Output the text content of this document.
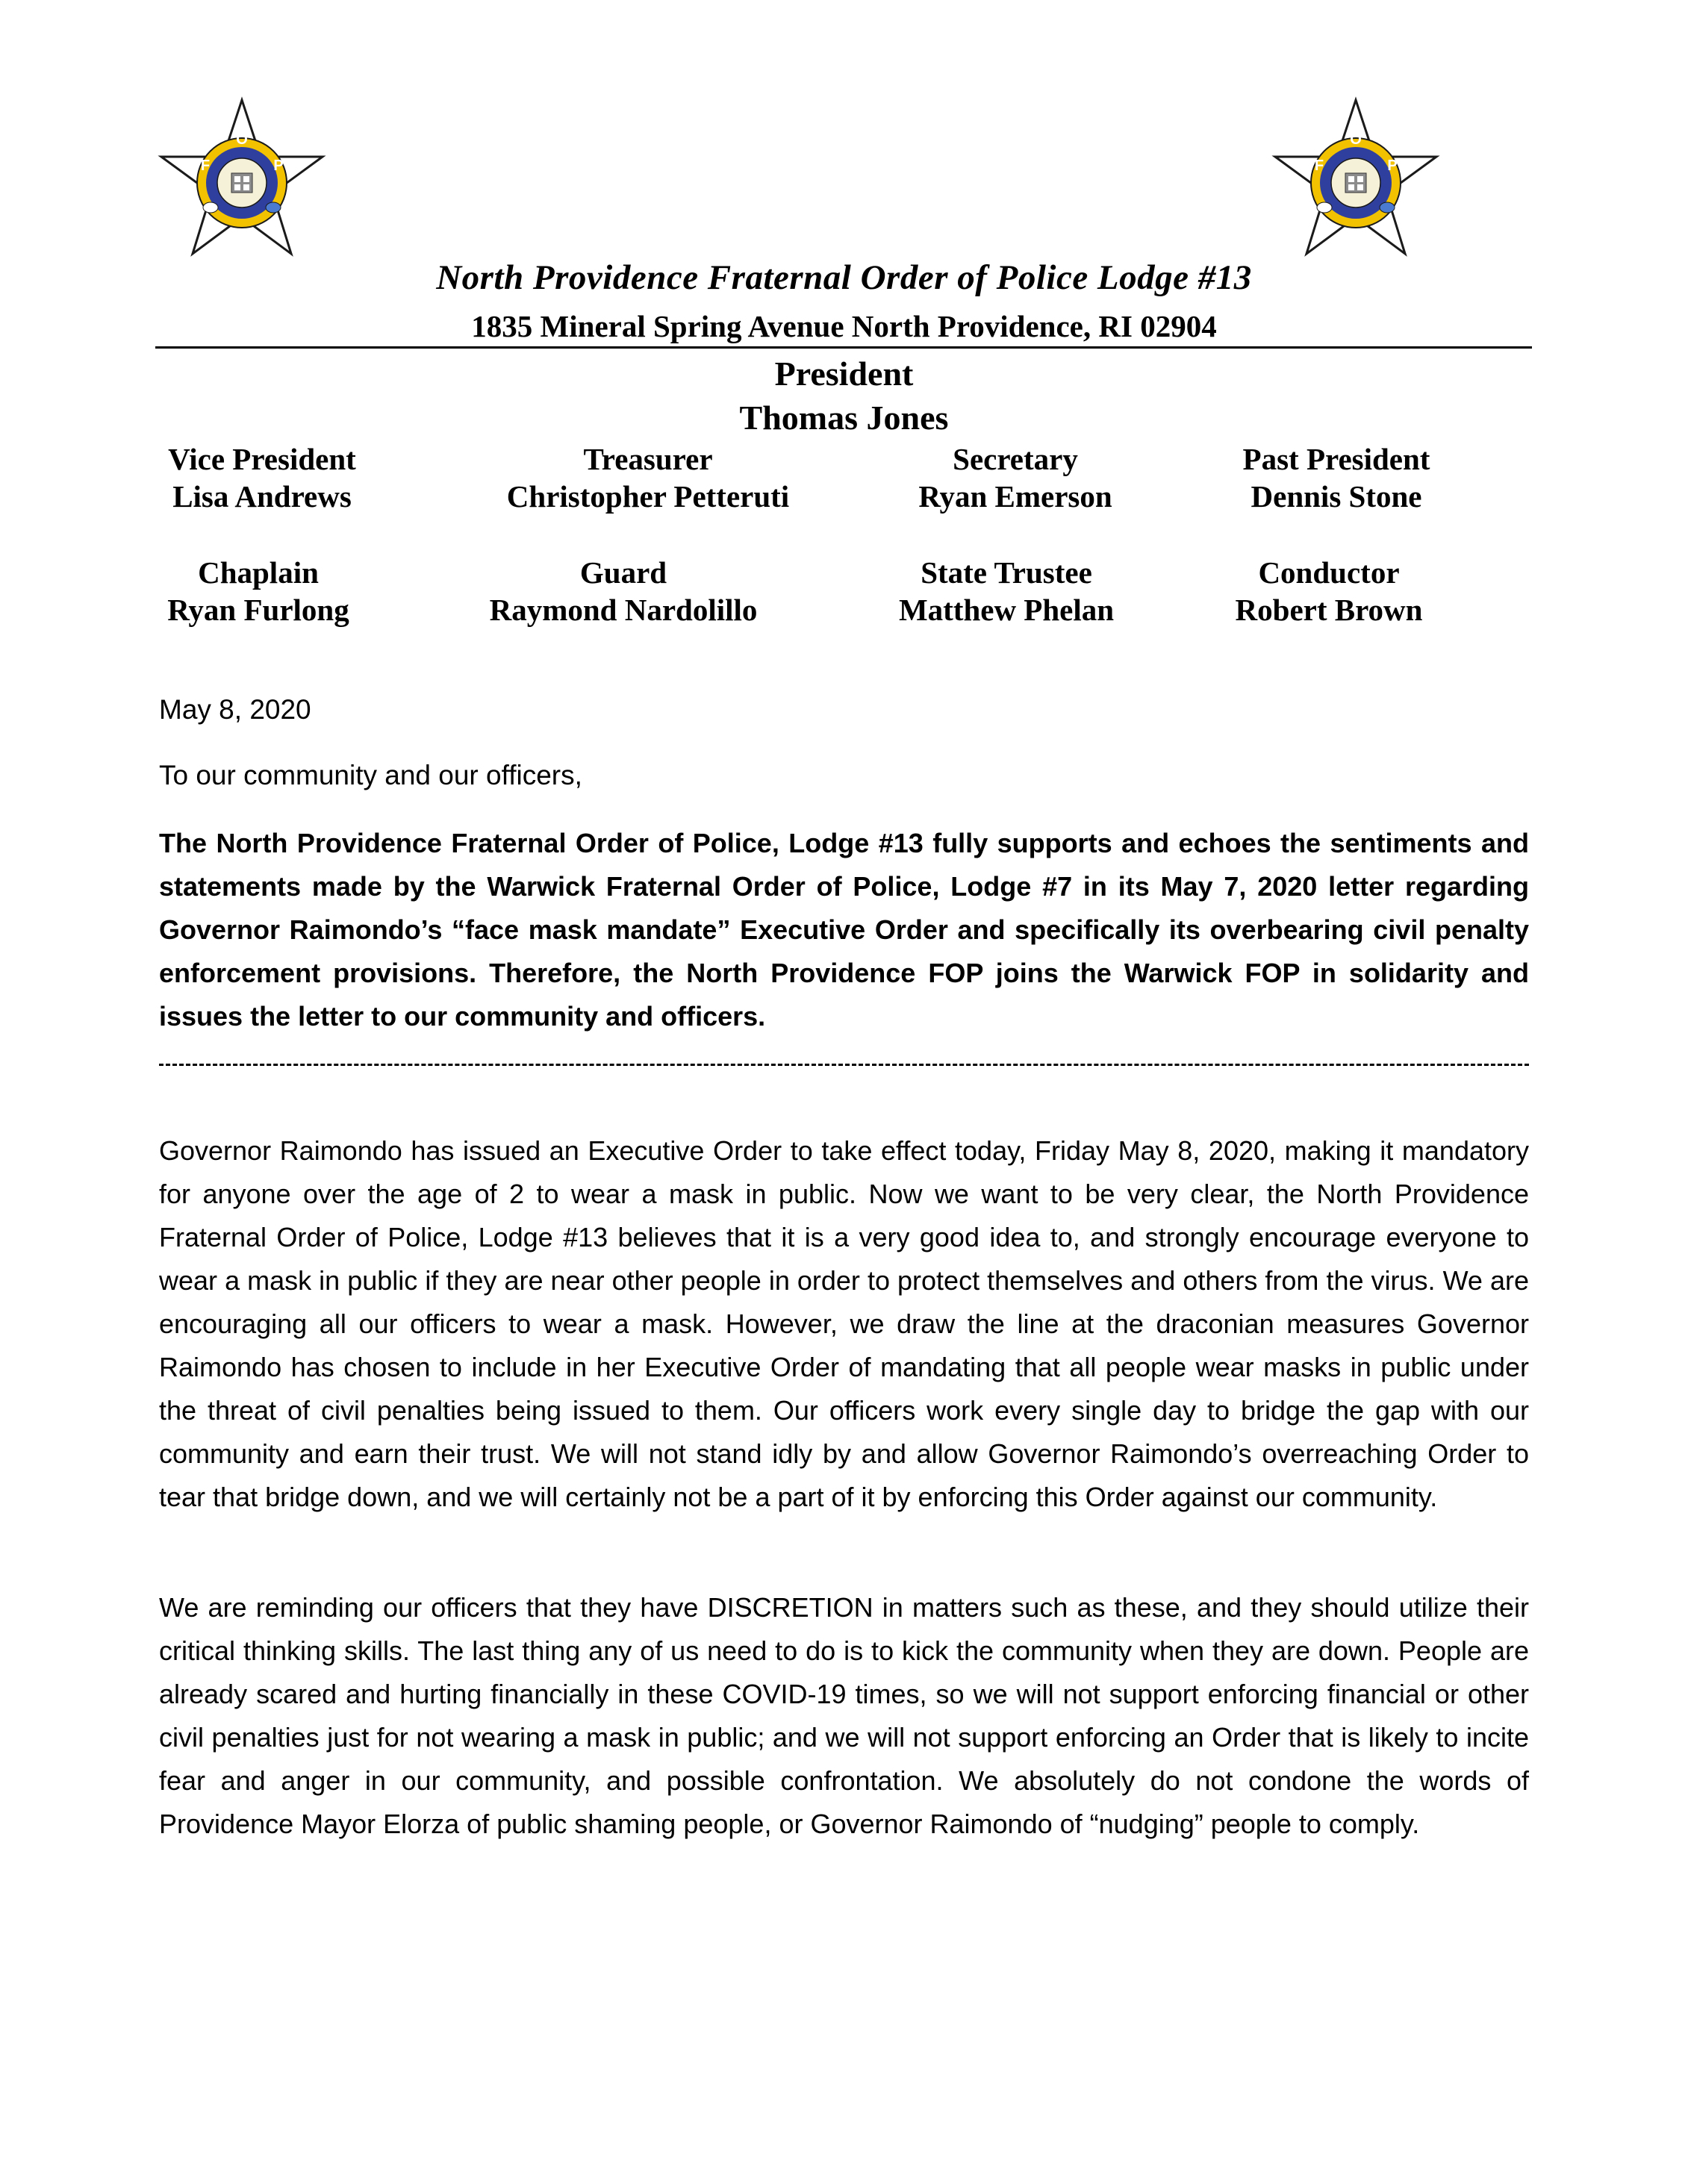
F
O
P	F
O
P
North Providence Fraternal Order of Police Lodge #13
1835 Mineral Spring Avenue North Providence, RI 02904
President
Thomas Jones
Vice President
Lisa Andrews
Treasurer
Christopher Petteruti
Secretary
Ryan Emerson
Past President
Dennis Stone
Chaplain
Ryan Furlong
Guard
Raymond Nardolillo
State Trustee
Matthew Phelan
Conductor
Robert Brown
May 8, 2020
To our community and our officers,

The North Providence Fraternal Order of Police, Lodge #13 fully supports and echoes the sentiments and statements made by the Warwick Fraternal Order of Police, Lodge #7 in its May 7, 2020 letter regarding Governor Raimondo’s “face mask mandate” Executive Order and specifically its overbearing civil penalty enforcement provisions. Therefore, the North Providence FOP joins the Warwick FOP in solidarity and issues the letter to our community and officers.

Governor Raimondo has issued an Executive Order to take effect today, Friday May 8, 2020, making it mandatory for anyone over the age of 2 to wear a mask in public. Now we want to be very clear, the North Providence Fraternal Order of Police, Lodge #13 believes that it is a very good idea to, and strongly encourage everyone to wear a mask in public if they are near other people in order to protect themselves and others from the virus. We are encouraging all our officers to wear a mask. However, we draw the line at the draconian measures Governor Raimondo has chosen to include in her Executive Order of mandating that all people wear masks in public under the threat of civil penalties being issued to them. Our officers work every single day to bridge the gap with our community and earn their trust. We will not stand idly by and allow Governor Raimondo’s overreaching Order to tear that bridge down, and we will certainly not be a part of it by enforcing this Order against our community.

We are reminding our officers that they have DISCRETION in matters such as these, and they should utilize their critical thinking skills. The last thing any of us need to do is to kick the community when they are down. People are already scared and hurting financially in these COVID-19 times, so we will not support enforcing financial or other civil penalties just for not wearing a mask in public; and we will not support enforcing an Order that is likely to incite fear and anger in our community, and possible confrontation. We absolutely do not condone the words of Providence Mayor Elorza of public shaming people, or Governor Raimondo of “nudging” people to comply.
